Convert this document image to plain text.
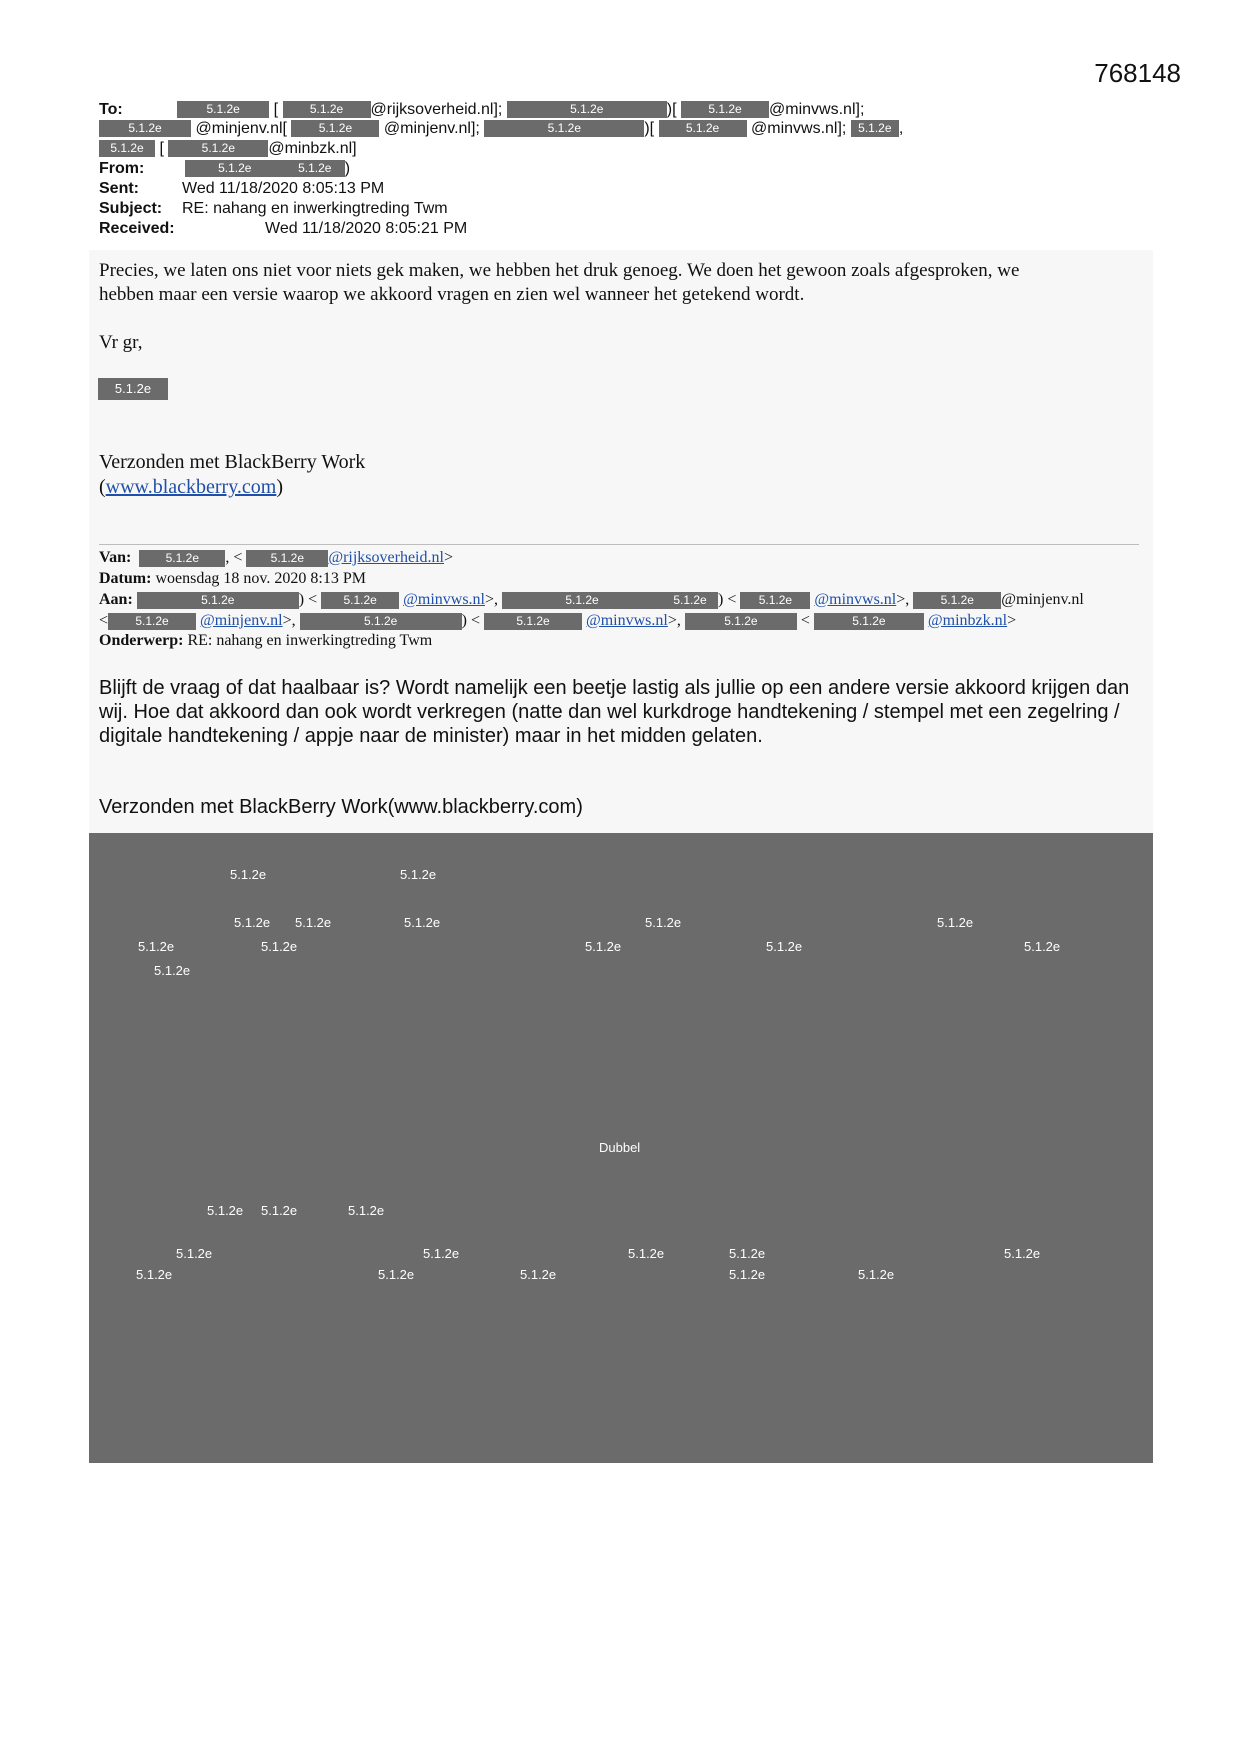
768148
To:	5.1.2e [	5.1.2e @rijksoverheid.nl];	5.1.2e	)[ 5.1.2e @minvws.nl];
5.1.2e @minjenv.nl[	5.1.2e @minjenv.nl];	5.1.2e	)[ 5.1.2e @minvws.nl]; 5.1.2e ,
5.1.2e [	5.1.2e @minbzk.nl]
From:	5.1.2e	5.1.2e )
Sent:	Wed 11/18/2020 8:05:13 PM
Subject: RE: nahang en inwerkingtreding Twm
Received:	Wed 11/18/2020 8:05:21 PM
Precies, we laten ons niet voor niets gek maken, we hebben het druk genoeg. We doen het gewoon zoals afgesproken, we
hebben maar een versie waarop we akkoord vragen en zien wel wanneer het getekend wordt.
Vr gr,
5.1.2e
Verzonden met BlackBerry Work
(www.blackberry.com)
Van:	5.1.2e , < 5.1.2e @rijksoverheid.nl>
Datum: woensdag 18 nov. 2020 8:13 PM
Aan:	5.1.2e	) < 5.1.2e @minvws.nl>,	5.1.2e	5.1.2e ) < 5.1.2e @minvws.nl>, 5.1.2e @minjenv.nl
< 5.1.2e @minjenv.nl>,	5.1.2e	) <	5.1.2e @minvws.nl>,	5.1.2e <	5.1.2e	@minbzk.nl>
Onderwerp: RE: nahang en inwerkingtreding Twm
Blijft de vraag of dat haalbaar is? Wordt namelijk een beetje lastig als jullie op een andere versie akkoord krijgen dan wij. Hoe dat akkoord dan ook wordt verkregen (natte dan wel kurkdroge handtekening / stempel met een zegelring / digitale handtekening / appje naar de minister) maar in het midden gelaten.
Verzonden met BlackBerry Work(www.blackberry.com)
5.1.2e	5.1.2e
5.1.2e 5.1.2e	5.1.2e	5.1.2e	5.1.2e
5.1.2e	5.1.2e	5.1.2e	5.1.2e	5.1.2e
5.1.2e
Dubbel
5.1.2e 5.1.2e	5.1.2e
5.1.2e	5.1.2e	5.1.2e	5.1.2e	5.1.2e
5.1.2e	5.1.2e	5.1.2e	5.1.2e	5.1.2e
